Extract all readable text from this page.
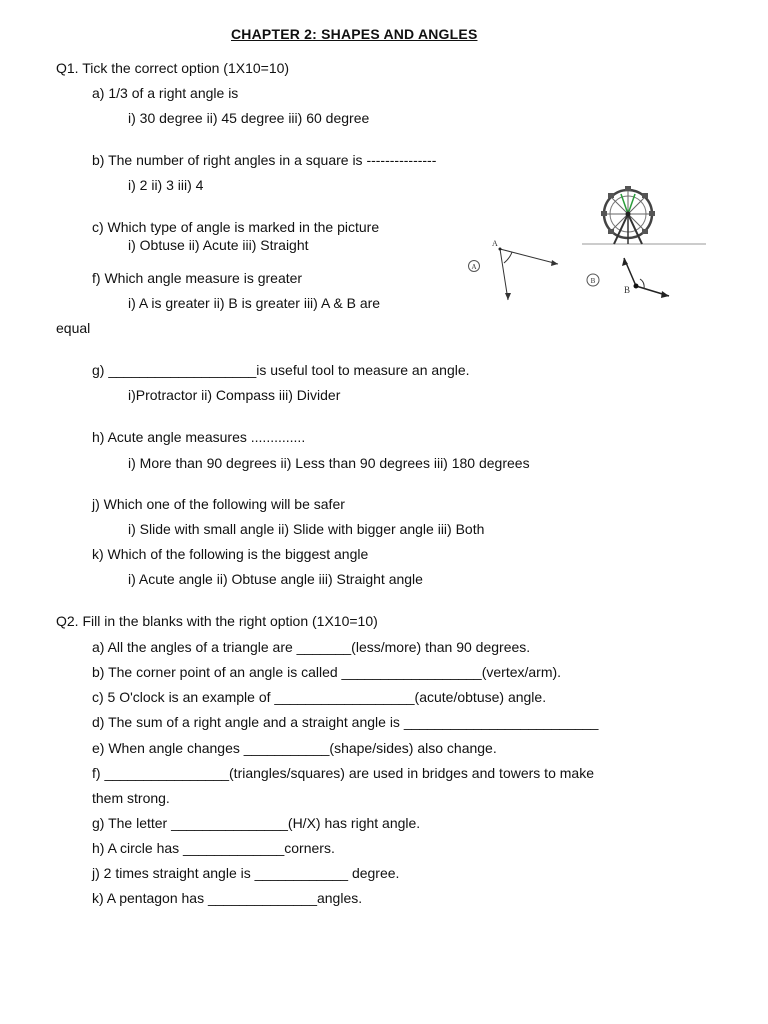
CHAPTER 2: SHAPES AND ANGLES
Q1. Tick the correct option (1X10=10)
a) 1/3 of a right angle is
i) 30 degree ii) 45 degree iii) 60 degree
b) The number of right angles in a square is ---------------
i) 2 ii) 3 iii) 4
c) Which type of angle is marked in the picture
i) Obtuse ii) Acute iii) Straight
f) Which angle measure is greater
i) A is greater ii) B is greater iii) A & B are
equal
g) ___________________is useful tool to measure an angle.
i)Protractor ii) Compass iii) Divider
h) Acute angle measures ..............
i) More than 90 degrees ii) Less than 90 degrees iii) 180 degrees
j) Which one of the following will be safer
i) Slide with small angle ii) Slide with bigger angle iii) Both
k) Which of the following is the biggest angle
i) Acute angle ii) Obtuse angle iii) Straight angle
A
A
B
B
Q2. Fill in the blanks with the right option (1X10=10)
a) All the angles of a triangle are _______(less/more) than 90 degrees.
b) The corner point of an angle is called __________________(vertex/arm).
c) 5 O'clock is an example of __________________(acute/obtuse) angle.
d) The sum of a right angle and a straight angle is _________________________
e) When angle changes ___________(shape/sides) also change.
f) ________________(triangles/squares) are used in bridges and towers to make
them strong.
g) The letter _______________(H/X) has right angle.
h) A circle has _____________corners.
j) 2 times straight angle is ____________ degree.
k) A pentagon has ______________angles.
